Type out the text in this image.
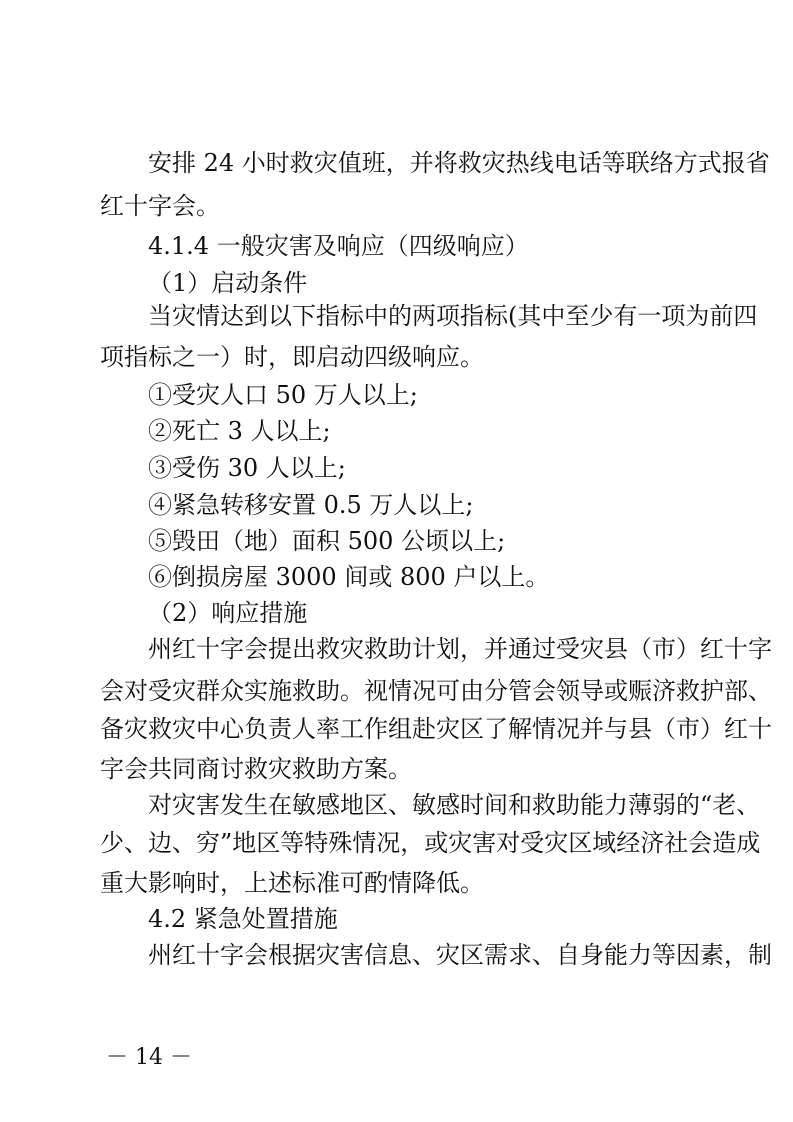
安排 24 小时救灾值班，并将救灾热线电话等联络方式报省
红十字会。
4.1.4 一般灾害及响应（四级响应）
（1）启动条件
当灾情达到以下指标中的两项指标(其中至少有一项为前四
项指标之一）时，即启动四级响应。
①受灾人口 50 万人以上;
②死亡 3 人以上;
③受伤 30 人以上;
④紧急转移安置 0.5 万人以上;
⑤毁田（地）面积 500 公顷以上;
⑥倒损房屋 3000 间或 800 户以上。
（2）响应措施
州红十字会提出救灾救助计划，并通过受灾县（市）红十字
会对受灾群众实施救助。视情况可由分管会领导或赈济救护部、
备灾救灾中心负责人率工作组赴灾区了解情况并与县（市）红十
字会共同商讨救灾救助方案。
对灾害发生在敏感地区、敏感时间和救助能力薄弱的“老、
少、边、穷”地区等特殊情况，或灾害对受灾区域经济社会造成
重大影响时，上述标准可酌情降低。
4.2 紧急处置措施
州红十字会根据灾害信息、灾区需求、自身能力等因素，制
－ 14 －
